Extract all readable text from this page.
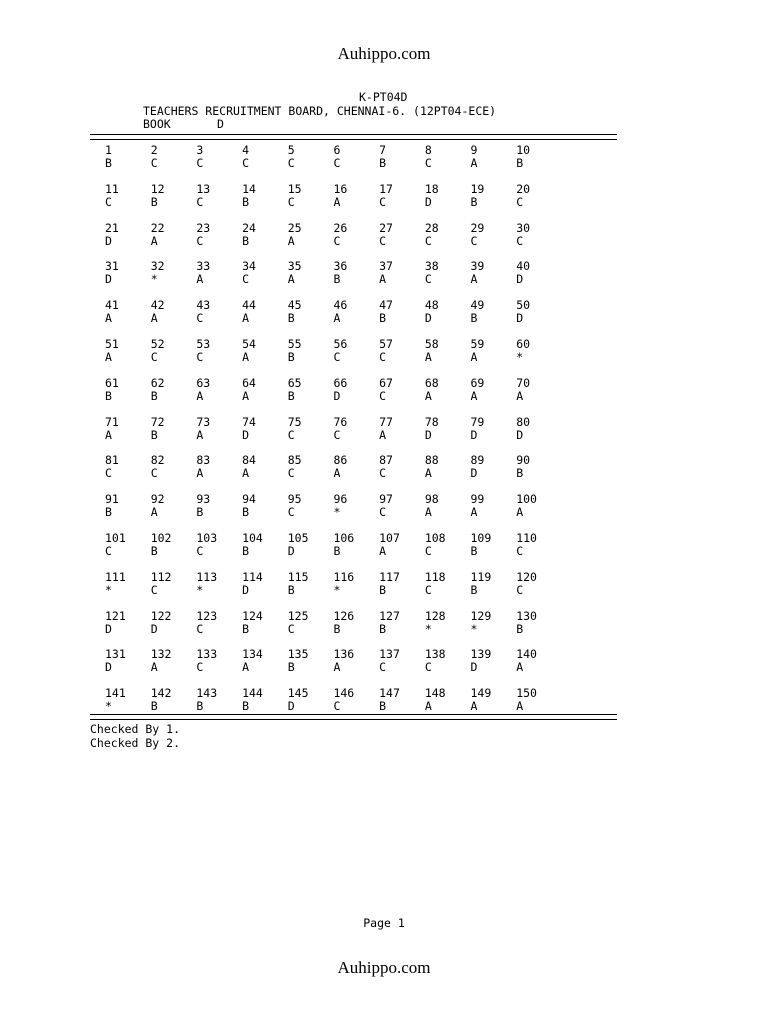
Auhippo.com
K-PT04D
TEACHERS RECRUITMENT BOARD, CHENNAI-6. (12PT04-ECE)
BOOK	D
1
B
2
C
3
C
4
C
5
C
6
C
7
B
8
C
9
A
10
B
11
C
12
B
13
C
14
B
15
C
16
A
17
C
18
D
19
B
20
C
21
D
22
A
23
C
24
B
25
A
26
C
27
C
28
C
29
C
30
C
31
D
32
*
33
A
34
C
35
A
36
B
37
A
38
C
39
A
40
D
41
A
42
A
43
C
44
A
45
B
46
A
47
B
48
D
49
B
50
D
51
A
52
C
53
C
54
A
55
B
56
C
57
C
58
A
59
A
60
*
61
B
62
B
63
A
64
A
65
B
66
D
67
C
68
A
69
A
70
A
71
A
72
B
73
A
74
D
75
C
76
C
77
A
78
D
79
D
80
D
81
C
82
C
83
A
84
A
85
C
86
A
87
C
88
A
89
D
90
B
91
B
92
A
93
B
94
B
95
C
96
*
97
C
98
A
99
A
100
A
101
C
102
B
103
C
104
B
105
D
106
B
107
A
108
C
109
B
110
C
111
*
112
C
113
*
114
D
115
B
116
*
117
B
118
C
119
B
120
C
121
D
122
D
123
C
124
B
125
C
126
B
127
B
128
*
129
*
130
B
131
D
132
A
133
C
134
A
135
B
136
A
137
C
138
C
139
D
140
A
141
*
142
B
143
B
144
B
145
D
146
C
147
B
148
A
149
A
150
A
Checked By 1.
Checked By 2.
Page 1
Auhippo.com
